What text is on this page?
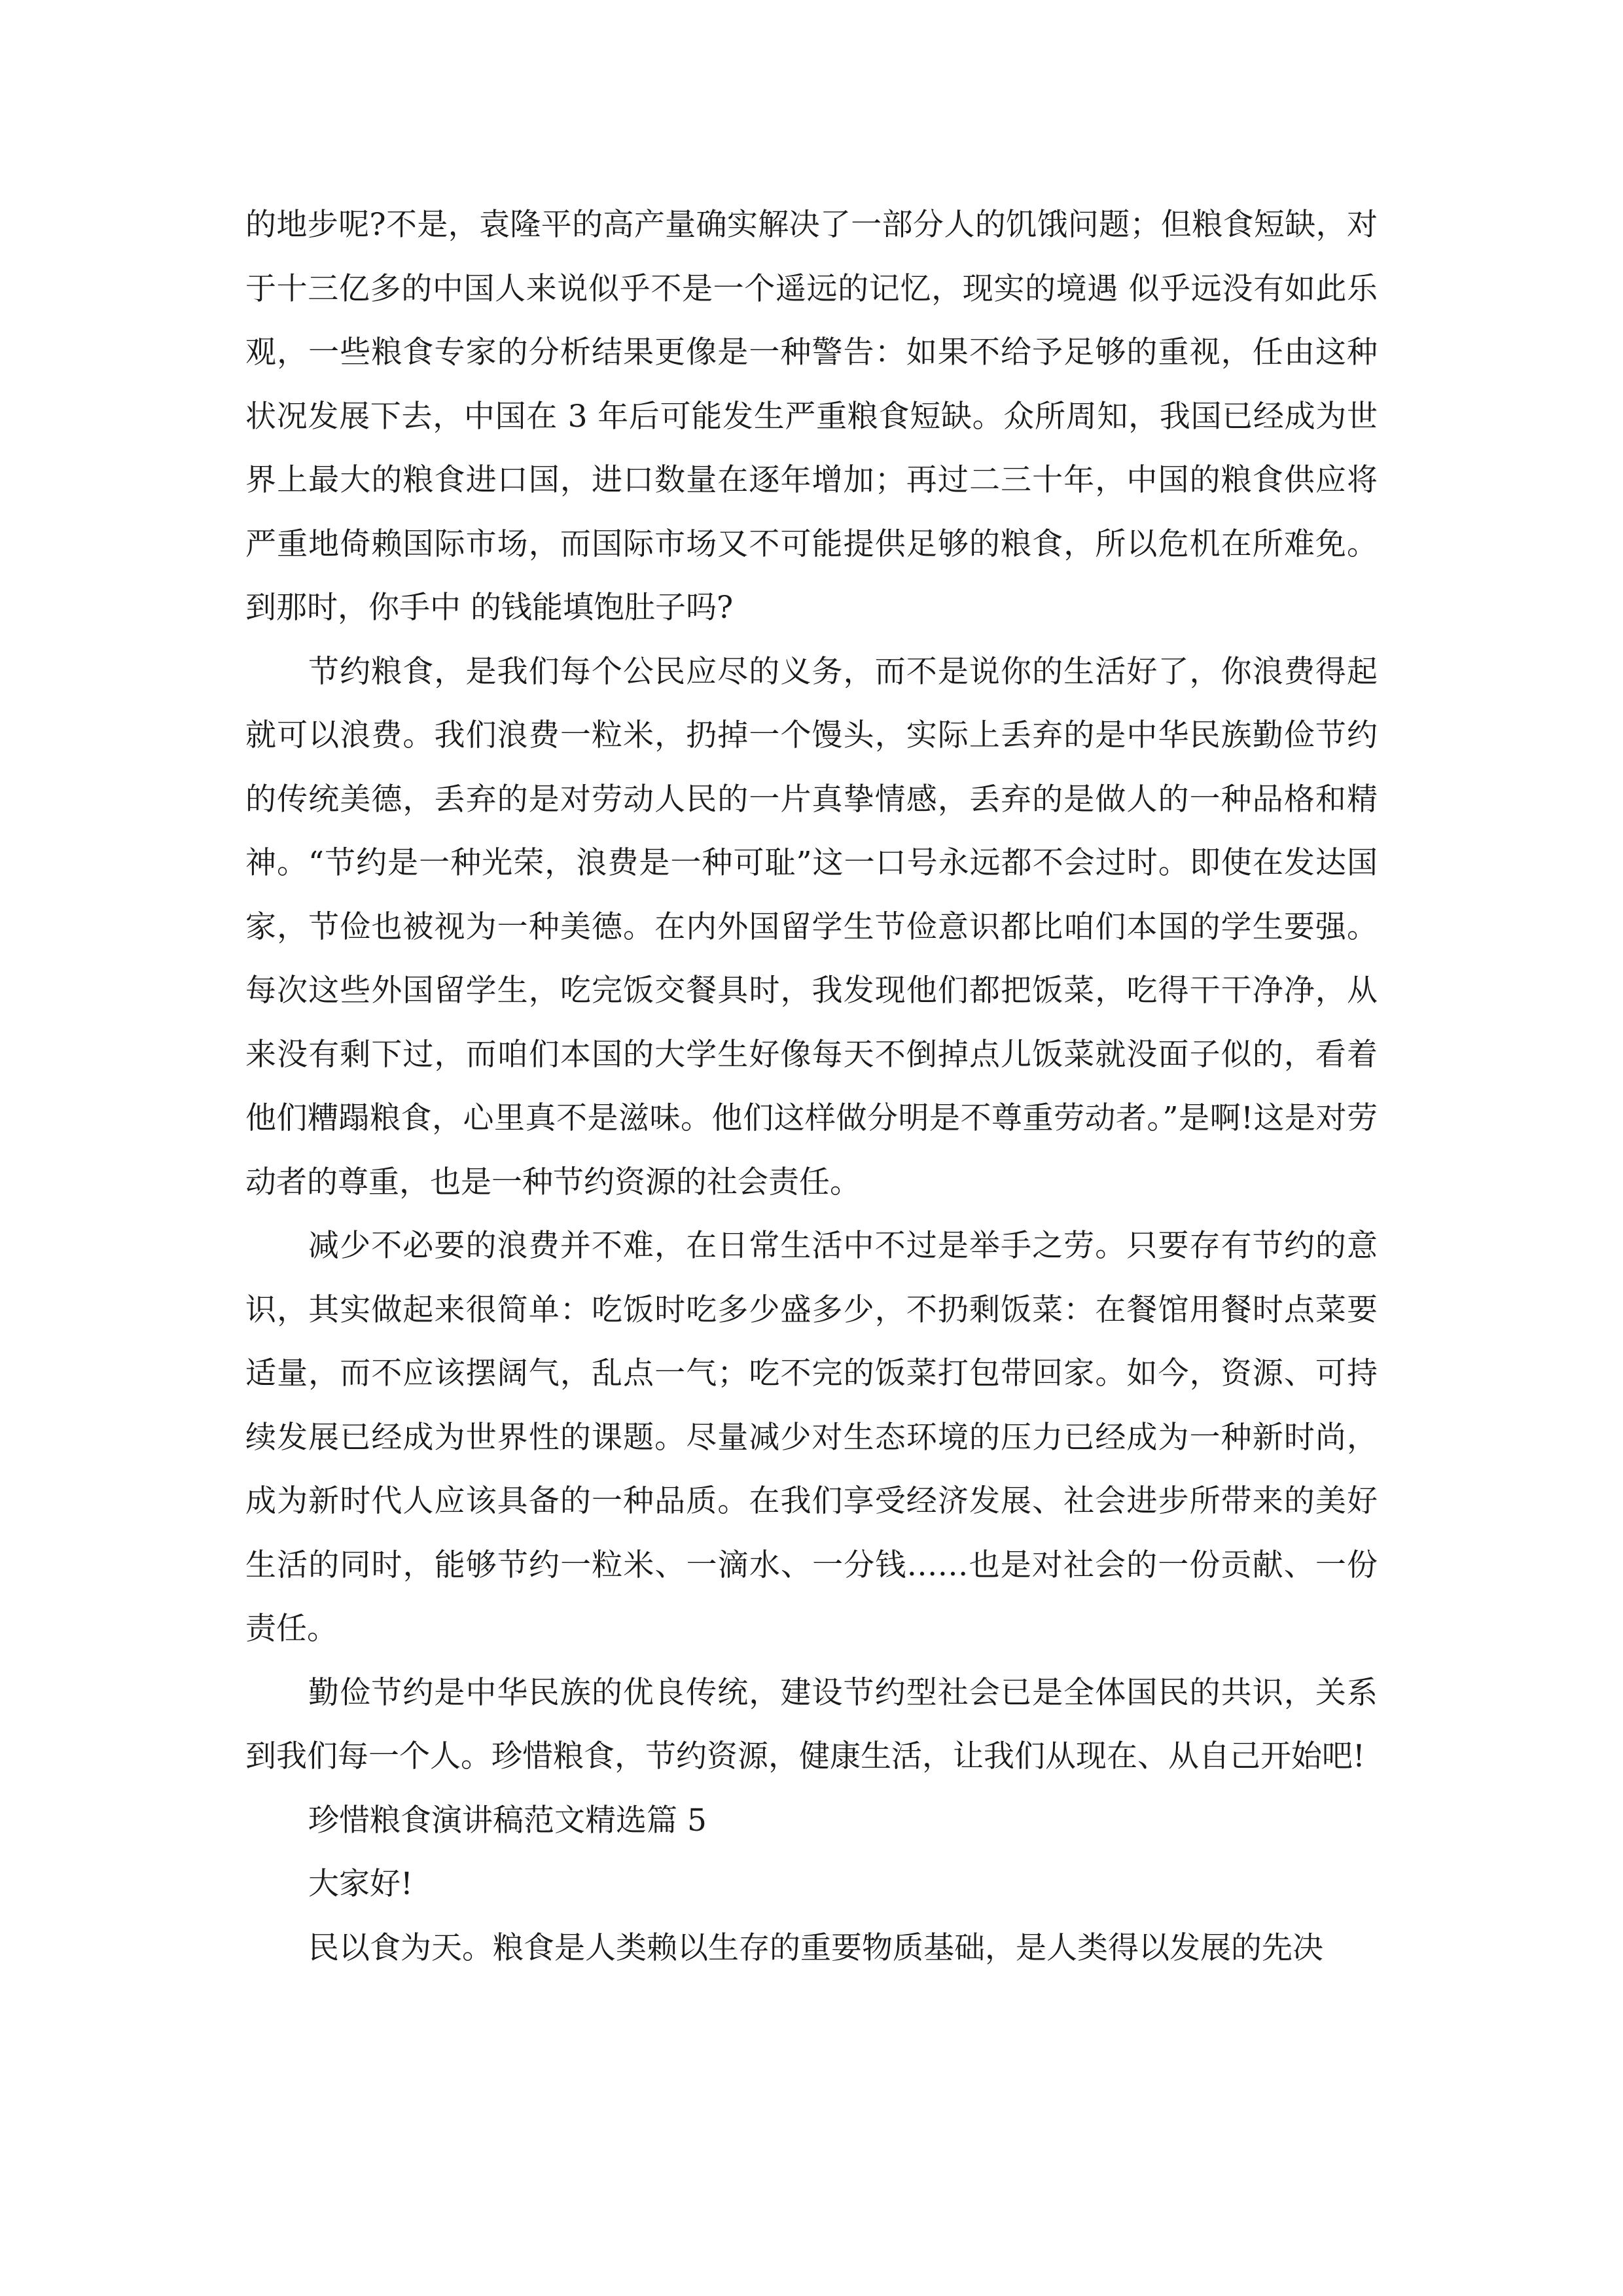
的地步呢?不是，袁隆平的高产量确实解决了一部分人的饥饿问题；但粮食短缺，对于十三亿多的中国人来说似乎不是一个遥远的记忆，现实的境遇 似乎远没有如此乐观，一些粮食专家的分析结果更像是一种警告：如果不给予足够的重视，任由这种状况发展下去，中国在 3 年后可能发生严重粮食短缺。众所周知，我国已经成为世界上最大的粮食进口国，进口数量在逐年增加；再过二三十年，中国的粮食供应将严重地倚赖国际市场，而国际市场又不可能提供足够的粮食，所以危机在所难免。到那时，你手中 的钱能填饱肚子吗?

节约粮食，是我们每个公民应尽的义务，而不是说你的生活好了，你浪费得起就可以浪费。我们浪费一粒米，扔掉一个馒头，实际上丢弃的是中华民族勤俭节约的传统美德，丢弃的是对劳动人民的一片真挚情感，丢弃的是做人的一种品格和精神。“节约是一种光荣，浪费是一种可耻”这一口号永远都不会过时。即使在发达国家，节俭也被视为一种美德。在内外国留学生节俭意识都比咱们本国的学生要强。每次这些外国留学生，吃完饭交餐具时，我发现他们都把饭菜，吃得干干净净，从来没有剩下过，而咱们本国的大学生好像每天不倒掉点儿饭菜就没面子似的，看着他们糟蹋粮食，心里真不是滋味。他们这样做分明是不尊重劳动者。”是啊!这是对劳动者的尊重，也是一种节约资源的社会责任。

减少不必要的浪费并不难，在日常生活中不过是举手之劳。只要存有节约的意识，其实做起来很简单：吃饭时吃多少盛多少，不扔剩饭菜：在餐馆用餐时点菜要适量，而不应该摆阔气，乱点一气；吃不完的饭菜打包带回家。如今，资源、可持续发展已经成为世界性的课题。尽量减少对生态环境的压力已经成为一种新时尚，成为新时代人应该具备的一种品质。在我们享受经济发展、社会进步所带来的美好生活的同时，能够节约一粒米、一滴水、一分钱……也是对社会的一份贡献、一份责任。

勤俭节约是中华民族的优良传统，建设节约型社会已是全体国民的共识，关系到我们每一个人。珍惜粮食，节约资源，健康生活，让我们从现在、从自己开始吧!

珍惜粮食演讲稿范文精选篇 5

大家好!

民以食为天。粮食是人类赖以生存的重要物质基础，是人类得以发展的先决
